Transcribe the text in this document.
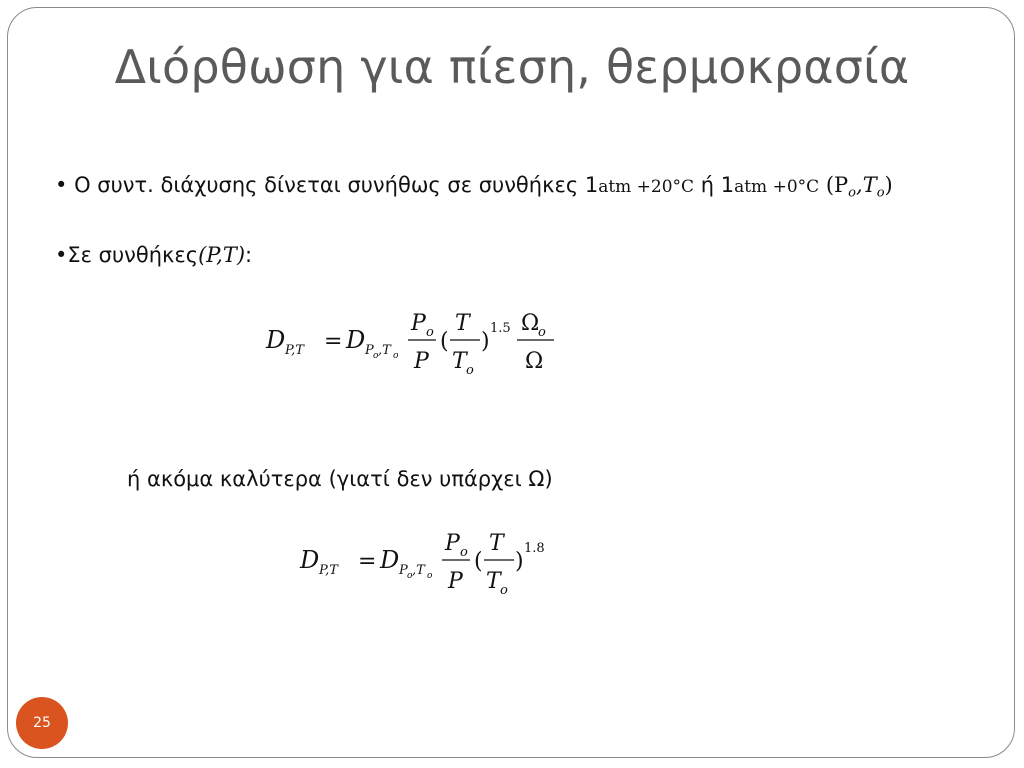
Διόρθωση για πίεση, θερμοκρασία
• Ο συντ. διάχυσης δίνεται συνήθως σε συνθήκες 1atm +20°C ή 1atm +0°C $(P_o,T_o)$
•Σε συνθήκες(P,T):
D P,T = D P o ,T o
P o
P
(
T
T o
)
1.5 Ω
o
Ω
ή ακόμα καλύτερα (γιατί δεν υπάρχει Ω)
D P,T = D P o ,T o
P o
P
(
T
T o
)
1.8
25
